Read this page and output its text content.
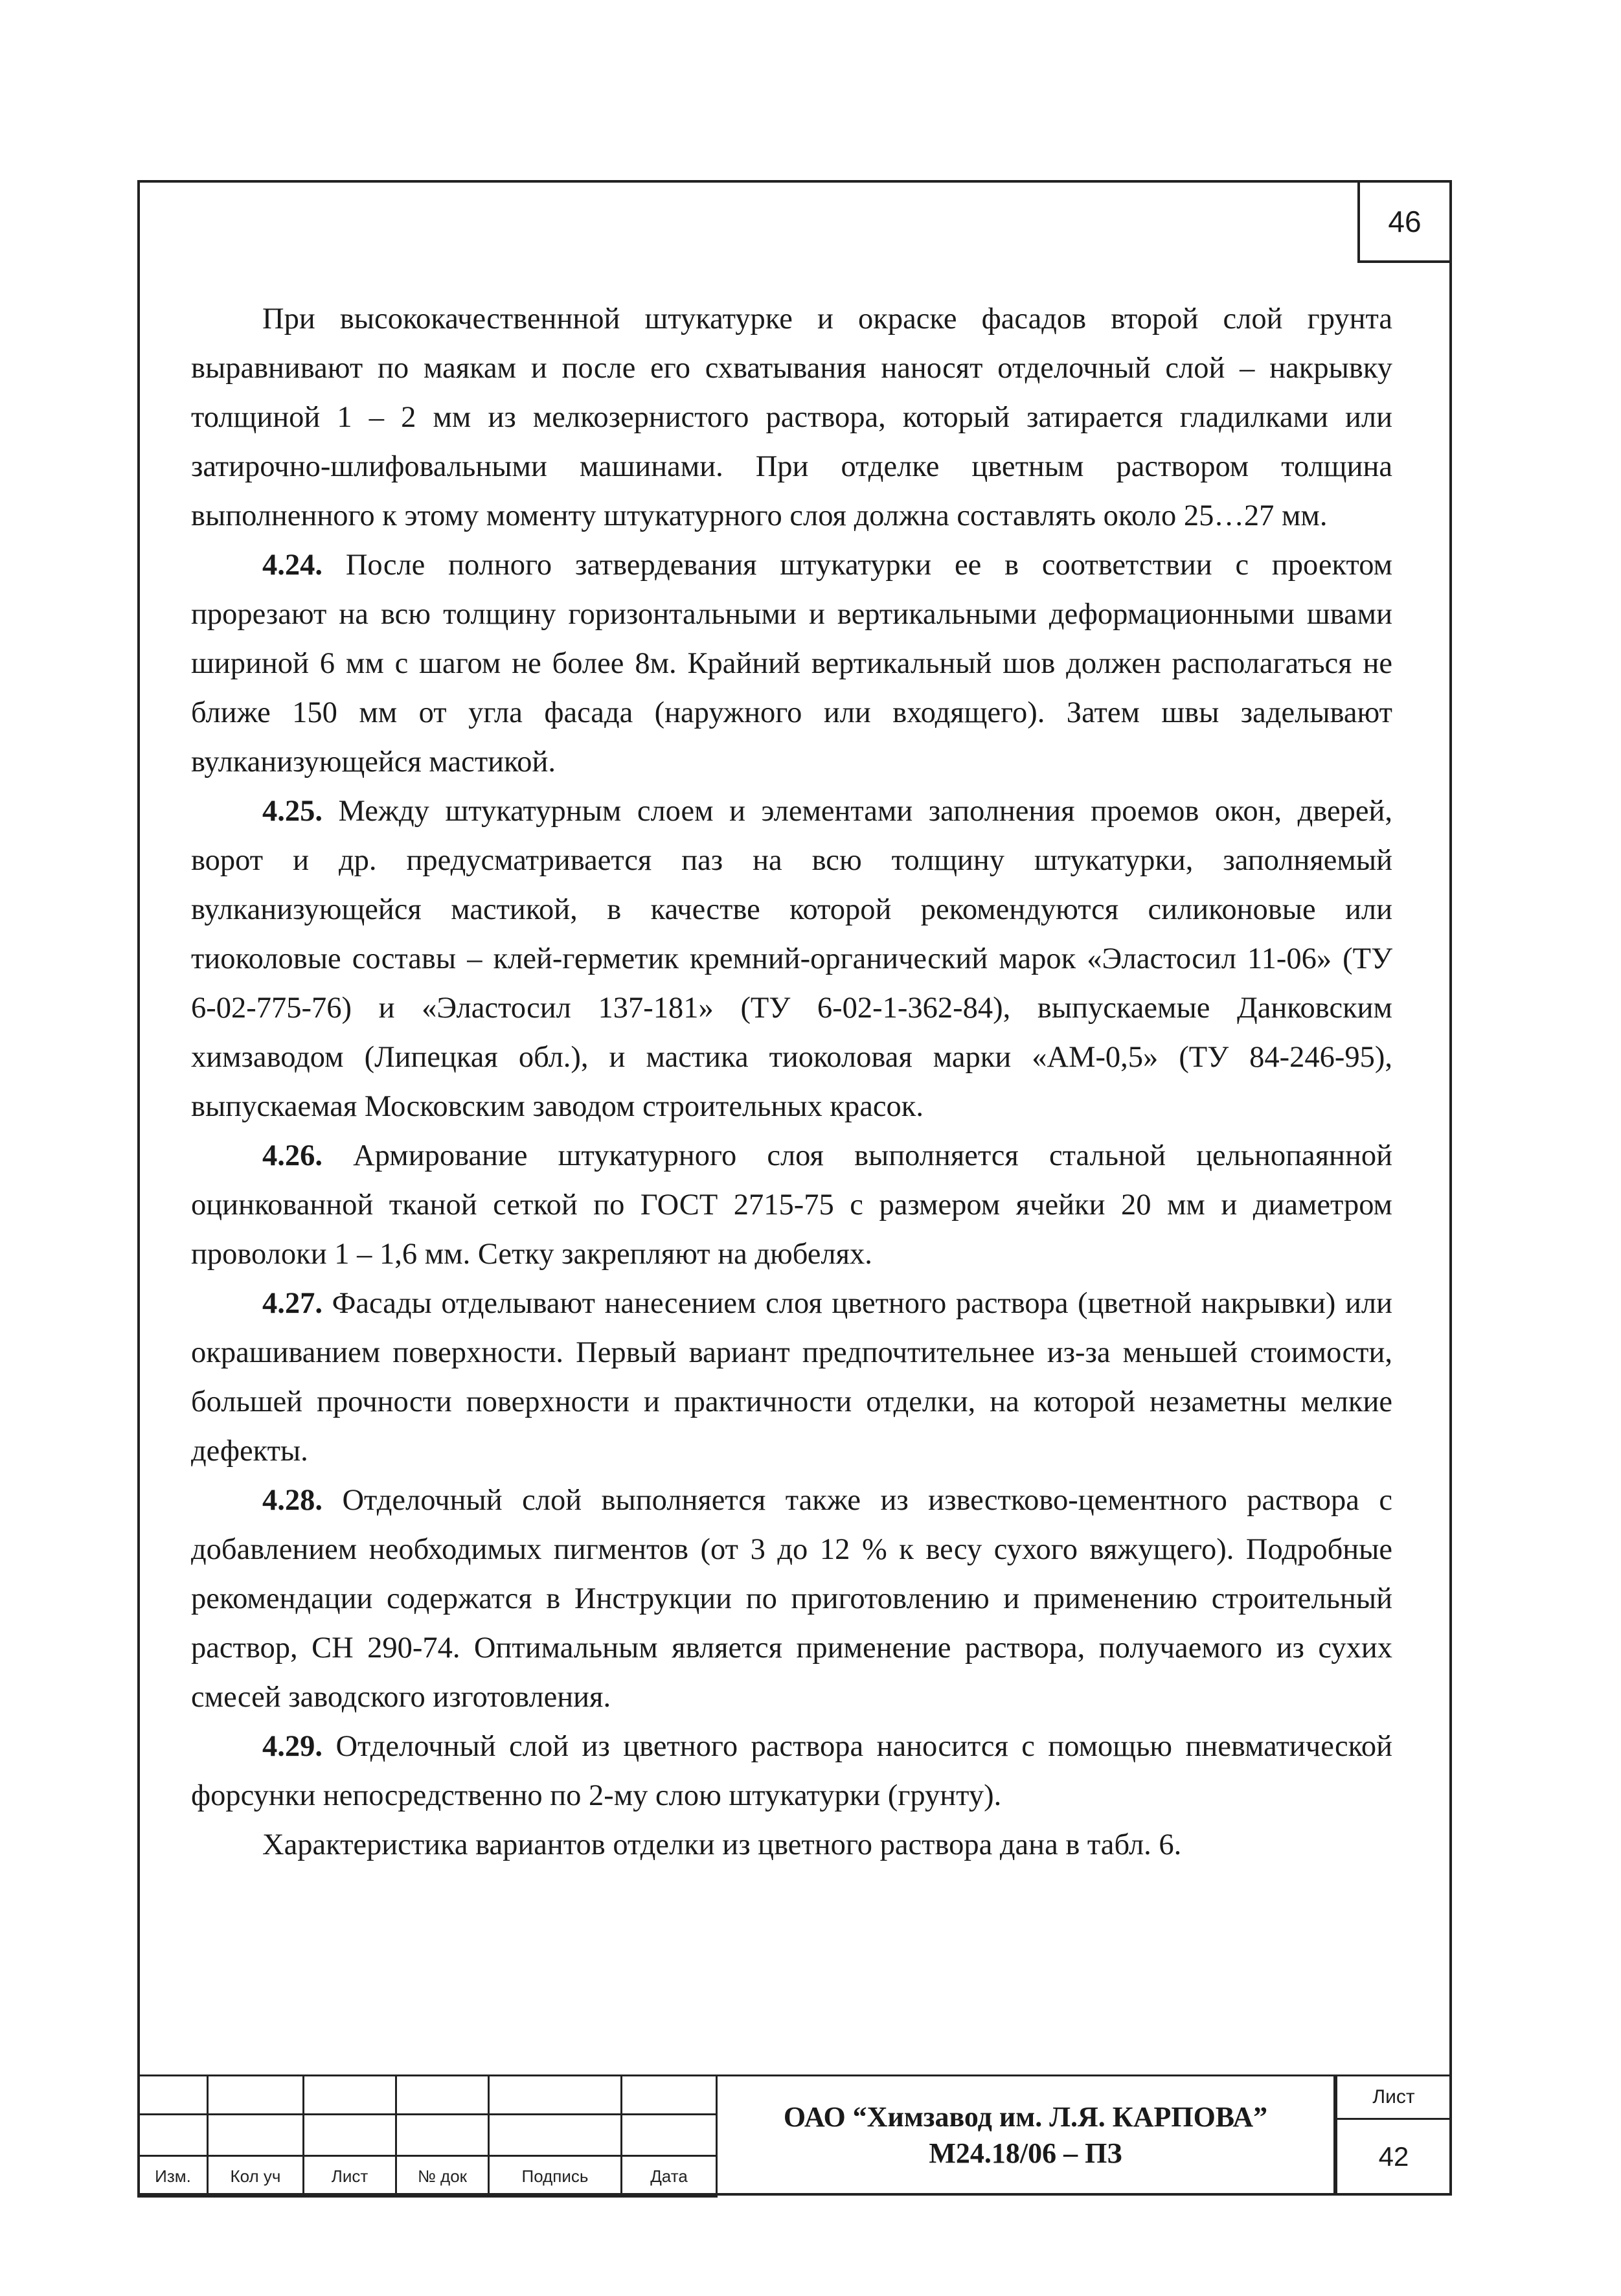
46

При высококачественнной штукатурке и окраске фасадов второй слой грунта выравнивают по маякам и после его схватывания наносят отделочный слой – накрывку толщиной 1 – 2 мм из мелкозернистого раствора, который затирается гладилками или затирочно-шлифовальными машинами. При отделке цветным раствором толщина выполненного к этому моменту штукатурного слоя должна составлять около 25…27 мм.

4.24. После полного затвердевания штукатурки ее в соответствии с проектом прорезают на всю толщину горизонтальными и вертикальными деформационными швами шириной 6 мм с шагом не более 8м. Крайний вертикальный шов должен располагаться не ближе 150 мм от угла фасада (наружного или входящего). Затем швы заделывают вулканизующейся мастикой.

4.25. Между штукатурным слоем и элементами заполнения проемов окон, дверей, ворот и др. предусматривается паз на всю толщину штукатурки, заполняемый вулканизующейся мастикой, в качестве которой рекомендуются силиконовые или тиоколовые составы – клей-герметик кремний-органический марок «Эластосил 11-06» (ТУ 6-02-775-76) и «Эластосил 137-181» (ТУ 6-02-1-362-84), выпускаемые Данковским химзаводом (Липецкая обл.), и мастика тиоколовая марки «АМ-0,5» (ТУ 84-246-95), выпускаемая Московским заводом строительных красок.

4.26. Армирование штукатурного слоя выполняется стальной цельнопаянной оцинкованной тканой сеткой по ГОСТ 2715-75 с размером ячейки 20 мм и диаметром проволоки 1 – 1,6 мм. Сетку закрепляют на дюбелях.

4.27. Фасады отделывают нанесением слоя цветного раствора (цветной накрывки) или окрашиванием поверхности. Первый вариант предпочтительнее из-за меньшей стоимости, большей прочности поверхности и практичности отделки, на которой незаметны мелкие дефекты.

4.28. Отделочный слой выполняется также из известково-цементного раствора с добавлением необходимых пигментов (от 3 до 12 % к весу сухого вяжущего). Подробные рекомендации содержатся в Инструкции по приготовлению и применению строительный раствор, СН 290-74. Оптимальным является применение раствора, получаемого из сухих смесей заводского изготовления.

4.29. Отделочный слой из цветного раствора наносится с помощью пневматической форсунки непосредственно по 2-му слою штукатурки (грунту).

Характеристика вариантов отделки из цветного раствора дана в табл. 6.

Изм.	Кол уч	Лист	№ док	Подпись	Дата
ОАО “Химзавод им. Л.Я. КАРПОВА”
М24.18/06 – ПЗ
Лист
42
